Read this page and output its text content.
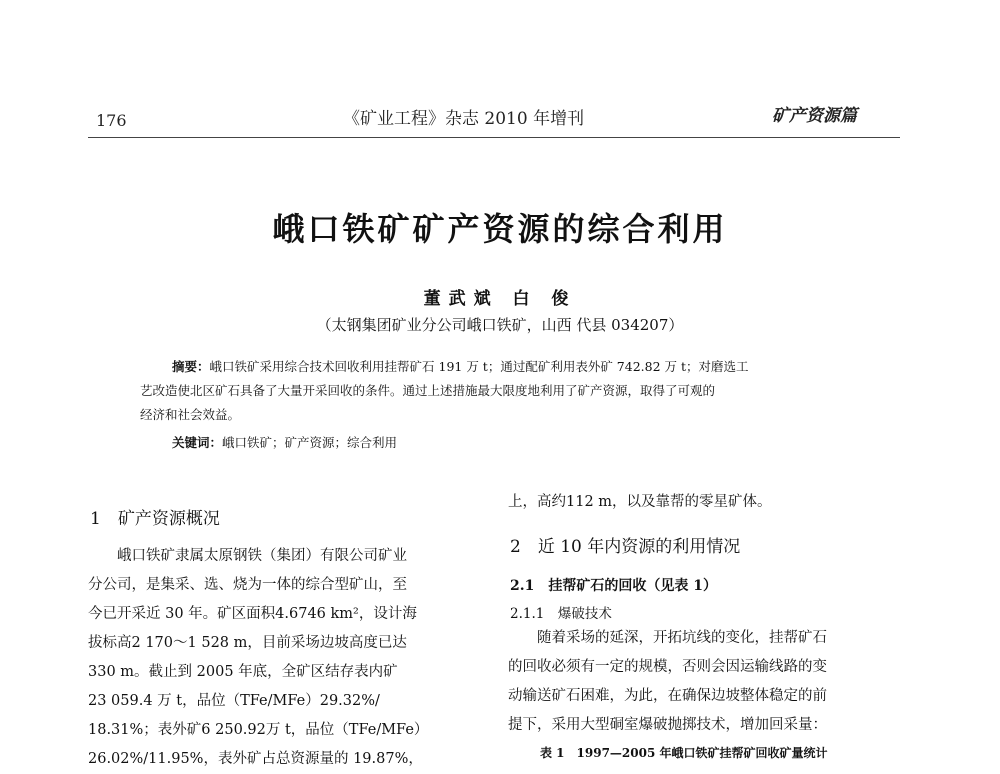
176	《矿业工程》杂志 2010 年增刊	矿产资源篇
峨口铁矿矿产资源的综合利用
董武斌 白 俊
（太钢集团矿业分公司峨口铁矿，山西 代县 034207）
摘要：峨口铁矿采用综合技术回收利用挂帮矿石 191 万 t；通过配矿利用表外矿 742.82 万 t；对磨选工
艺改造使北区矿石具备了大量开采回收的条件。通过上述措施最大限度地利用了矿产资源，取得了可观的
经济和社会效益。
关键词：峨口铁矿；矿产资源；综合利用
1　矿产资源概况
　　峨口铁矿隶属太原钢铁（集团）有限公司矿业
分公司，是集采、选、烧为一体的综合型矿山，至
今已开采近 30 年。矿区面积4.6746 km²，设计海
拔标高2 170～1 528 m，目前采场边坡高度已达
330 m。截止到 2005 年底，全矿区结存表内矿
23 059.4 万 t，品位（TFe/MFe）29.32%/
18.31%；表外矿6 250.92万 t，品位（TFe/MFe）
26.02%/11.95%，表外矿占总资源量的 19.87%，
上，高约112 m，以及靠帮的零星矿体。
2　近 10 年内资源的利用情况
2.1　挂帮矿石的回收（见表 1）
2.1.1　爆破技术
　　随着采场的延深，开拓坑线的变化，挂帮矿石
的回收必须有一定的规模，否则会因运输线路的变
动输送矿石困难，为此，在确保边坡整体稳定的前
提下，采用大型硐室爆破抛掷技术，增加回采量：
表 1　1997—2005 年峨口铁矿挂帮矿回收矿量统计
